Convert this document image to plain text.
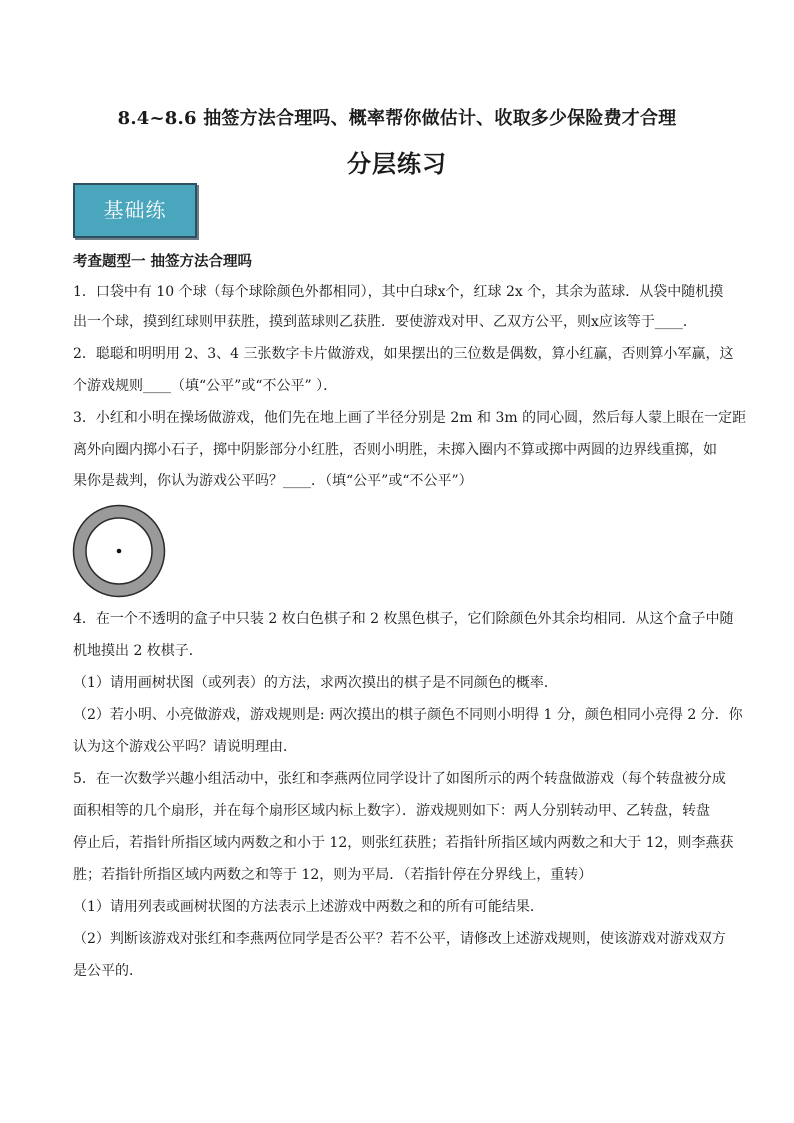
8.4~8.6 抽签方法合理吗、概率帮你做估计、收取多少保险费才合理
分层练习
基础练
考查题型一 抽签方法合理吗
1．口袋中有 10 个球（每个球除颜色外都相同），其中白球x个，红球 2x 个，其余为蓝球．从袋中随机摸
出一个球，摸到红球则甲获胜，摸到蓝球则乙获胜．要使游戏对甲、乙双方公平，则x应该等于____．
2．聪聪和明明用 2、3、4 三张数字卡片做游戏，如果摆出的三位数是偶数，算小红赢，否则算小军赢，这
个游戏规则____（填“公平”或“不公平” ）．
3．小红和小明在操场做游戏，他们先在地上画了半径分别是 2m 和 3m 的同心圆，然后每人蒙上眼在一定距
离外向圈内掷小石子，掷中阴影部分小红胜，否则小明胜，未掷入圈内不算或掷中两圆的边界线重掷，如
果你是裁判，你认为游戏公平吗？____．（填“公平”或“不公平”）
4．在一个不透明的盒子中只装 2 枚白色棋子和 2 枚黑色棋子，它们除颜色外其余均相同．从这个盒子中随
机地摸出 2 枚棋子．
（1）请用画树状图（或列表）的方法，求两次摸出的棋子是不同颜色的概率．
（2）若小明、小亮做游戏，游戏规则是: 两次摸出的棋子颜色不同则小明得 1 分，颜色相同小亮得 2 分．你
认为这个游戏公平吗？请说明理由．
5．在一次数学兴趣小组活动中，张红和李燕两位同学设计了如图所示的两个转盘做游戏（每个转盘被分成
面积相等的几个扇形，并在每个扇形区域内标上数字）．游戏规则如下：两人分别转动甲、乙转盘，转盘
停止后，若指针所指区域内两数之和小于 12，则张红获胜；若指针所指区域内两数之和大于 12，则李燕获
胜；若指针所指区域内两数之和等于 12，则为平局．（若指针停在分界线上，重转）
（1）请用列表或画树状图的方法表示上述游戏中两数之和的所有可能结果．
（2）判断该游戏对张红和李燕两位同学是否公平？若不公平，请修改上述游戏规则，使该游戏对游戏双方
是公平的．
